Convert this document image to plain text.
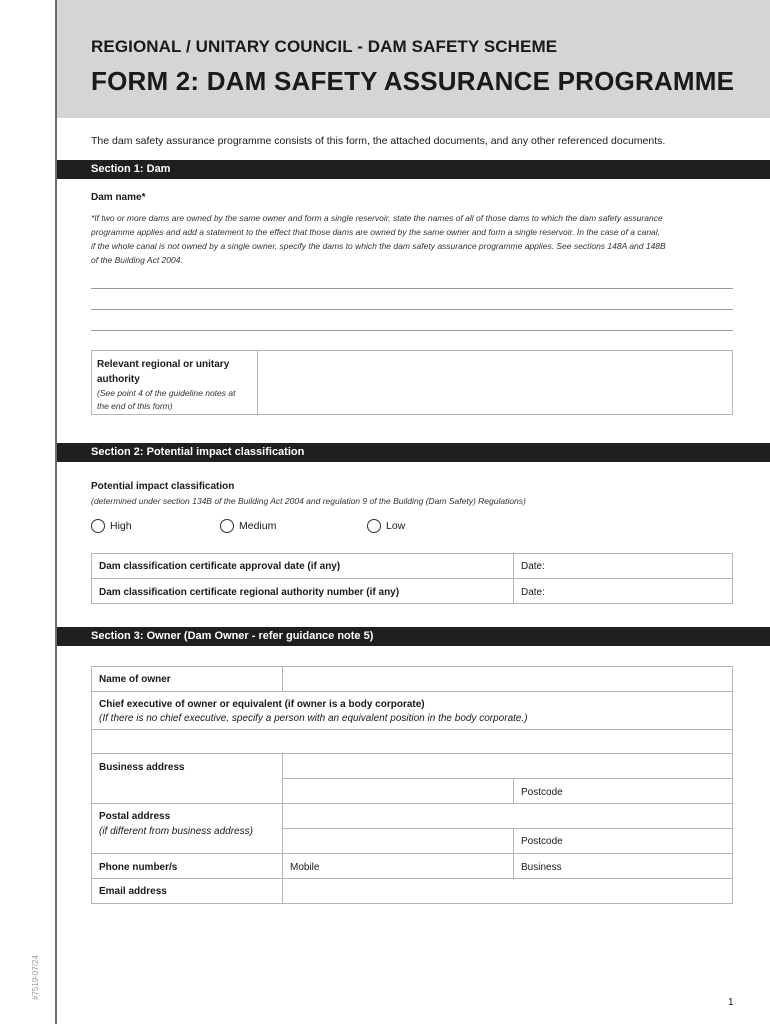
#7519-07/24
REGIONAL / UNITARY COUNCIL - DAM SAFETY SCHEME
FORM 2: DAM SAFETY ASSURANCE PROGRAMME
The dam safety assurance programme consists of this form, the attached documents, and any other referenced documents.
Section 1: Dam
Dam name*
*If two or more dams are owned by the same owner and form a single reservoir, state the names of all of those dams to which the dam safety assurance
programme applies and add a statement to the effect that those dams are owned by the same owner and form a single reservoir. In the case of a canal,
if the whole canal is not owned by a single owner, specify the dams to which the dam safety assurance programme applies. See sections 148A and 148B
of the Building Act 2004.
Relevant regional or unitary
authority
(See point 4 of the guideline notes at
the end of this form)
Section 2: Potential impact classification
Potential impact classification
(determined under section 134B of the Building Act 2004 and regulation 9 of the Building (Dam Safety) Regulations)
High	Medium	Low
Dam classification certificate approval date (if any)	Date:
Dam classification certificate regional authority number (if any)	Date:
Section 3: Owner (Dam Owner - refer guidance note 5)
Name of owner
Chief executive of owner or equivalent (if owner is a body corporate)
(If there is no chief executive, specify a person with an equivalent position in the body corporate.)
Business address
Postcode
Postal address
(if different from business address)
Postcode
Phone number/s	Mobile	Business
Email address
1
